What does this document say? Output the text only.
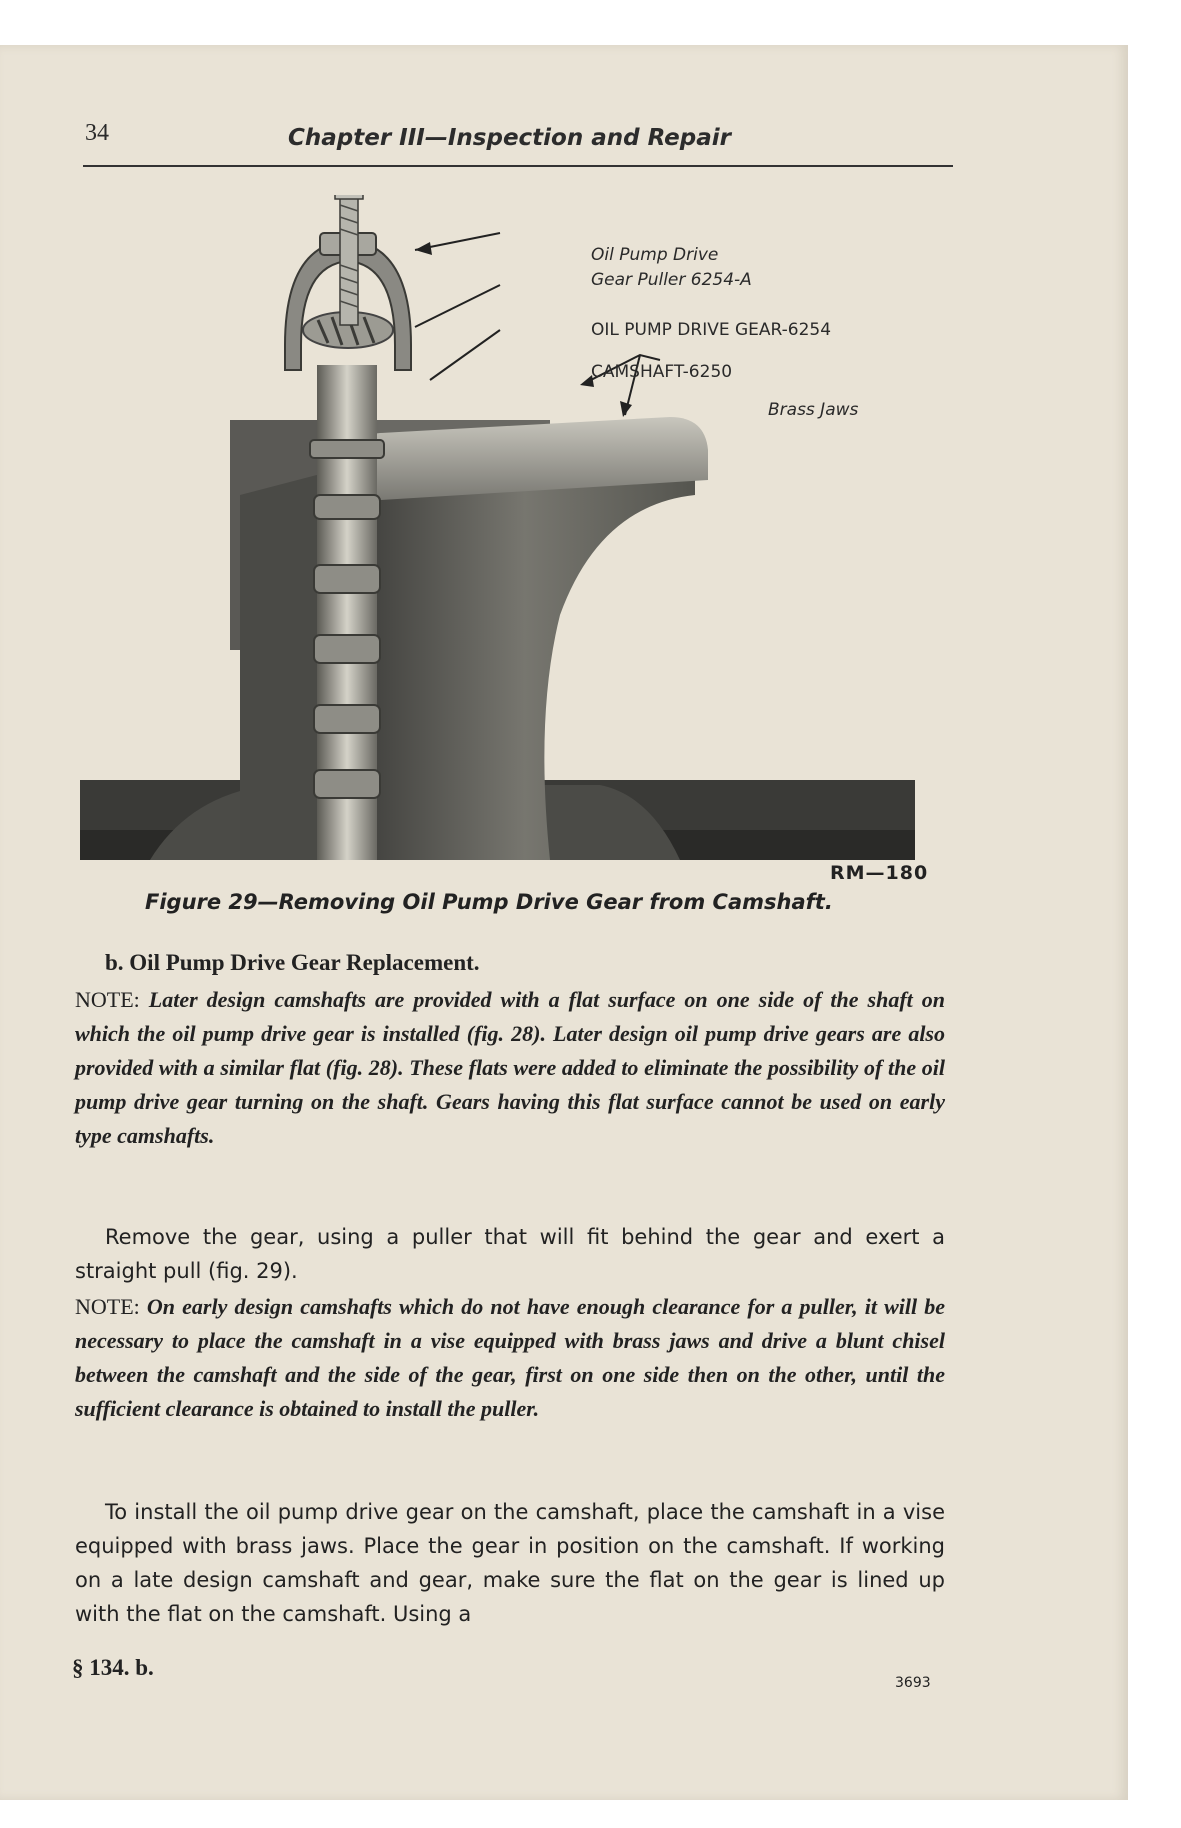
34	Chapter III—Inspection and Repair
Oil Pump Drive
Gear Puller 6254-A
OIL PUMP DRIVE GEAR-6254
CAMSHAFT-6250
Brass Jaws
RM—180
Figure 29—Removing Oil Pump Drive Gear from Camshaft.
b. Oil Pump Drive Gear Replacement.
NOTE: Later design camshafts are provided with a flat surface on one side of the shaft on which the oil pump drive gear is installed (fig. 28). Later design oil pump drive gears are also provided with a similar flat (fig. 28). These flats were added to eliminate the possibility of the oil pump drive gear turning on the shaft. Gears having this flat surface cannot be used on early type camshafts.
Remove the gear, using a puller that will fit behind the gear and exert a straight pull (fig. 29).
NOTE: On early design camshafts which do not have enough clearance for a puller, it will be necessary to place the camshaft in a vise equipped with brass jaws and drive a blunt chisel between the camshaft and the side of the gear, first on one side then on the other, until the sufficient clearance is obtained to install the puller.
To install the oil pump drive gear on the camshaft, place the camshaft in a vise equipped with brass jaws. Place the gear in position on the camshaft. If working on a late design camshaft and gear, make sure the flat on the gear is lined up with the flat on the camshaft. Using a
§ 134. b.
3693
